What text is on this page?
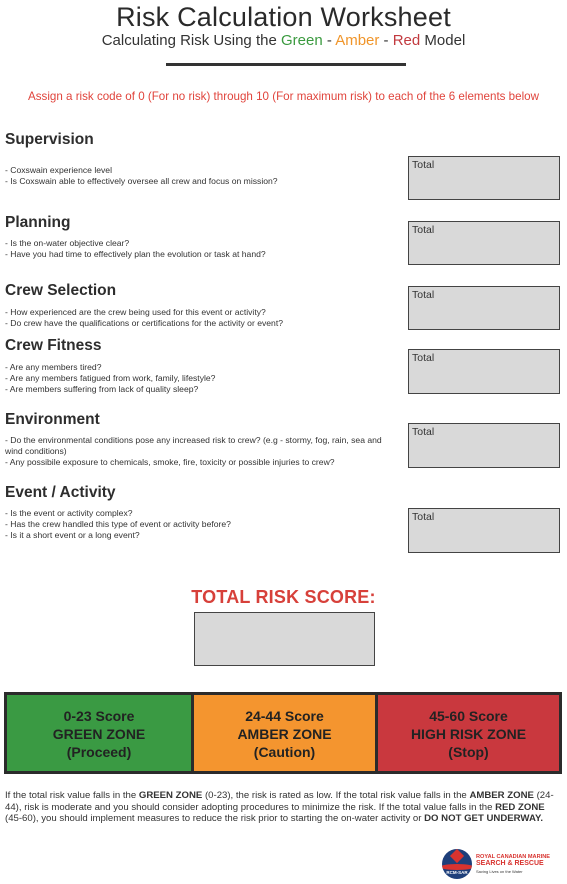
Risk Calculation Worksheet
Calculating Risk Using the Green - Amber - Red Model
Assign a risk code of 0 (For no risk) through 10 (For maximum risk) to each of the 6 elements below
Supervision
- Coxswain experience level
- Is Coxswain able to effectively oversee all crew and focus on mission?
Total
Planning
- Is the on-water objective clear?
- Have you had time to effectively plan the evolution or task at hand?
Total
Crew Selection
- How experienced are the crew being used for this event or activity?
- Do crew have the qualifications or certifications for the activity or event?
Total
Crew Fitness
- Are any members tired?
- Are any members fatigued from work, family, lifestyle?
- Are members suffering from lack of quality sleep?
Total
Environment
- Do the environmental conditions pose any increased risk to crew? (e.g - stormy, fog, rain, sea and wind conditions)
- Any possibile exposure to chemicals, smoke, fire, toxicity or possible injuries to crew?
Total
Event / Activity
- Is the event or activity complex?
- Has the crew handled this type of event or activity before?
- Is it a short event or a long event?
Total
TOTAL RISK SCORE:
0-23 Score
GREEN ZONE
(Proceed)
24-44 Score
AMBER ZONE
(Caution)
45-60 Score
HIGH RISK ZONE
(Stop)
If the total risk value falls in the GREEN ZONE (0-23), the risk is rated as low. If the total risk value falls in the AMBER ZONE (24-44), risk is moderate and you should consider adopting procedures to minimize the risk. If the total value falls in the RED ZONE (45-60), you should implement measures to reduce the risk prior to starting the on-water activity or DO NOT GET UNDERWAY.
RCM-SAR
ROYAL CANADIAN MARINE
SEARCH & RESCUE
Saving Lives on the Water
